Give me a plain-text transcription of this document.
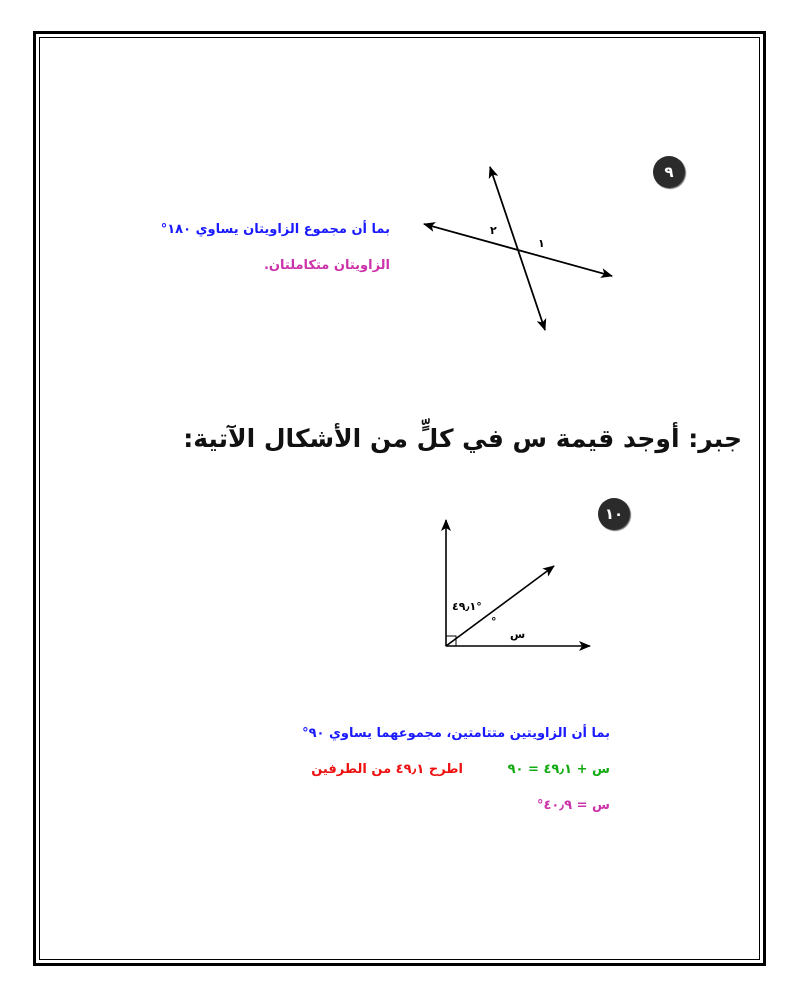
٩
١
٢
بما أن مجموع الزاويتان يساوي ١٨٠°
الزاويتان متكاملتان.
جبر: أوجد قيمة س في كلٍّ من الأشكال الآتية:
١٠
٤٩٫١°
س
°
بما أن الزاويتين متتامتين، مجموعهما يساوي ٩٠°
س + ٤٩٫١ = ٩٠
اطرح ٤٩٫١ من الطرفين
س = ٤٠٫٩°
